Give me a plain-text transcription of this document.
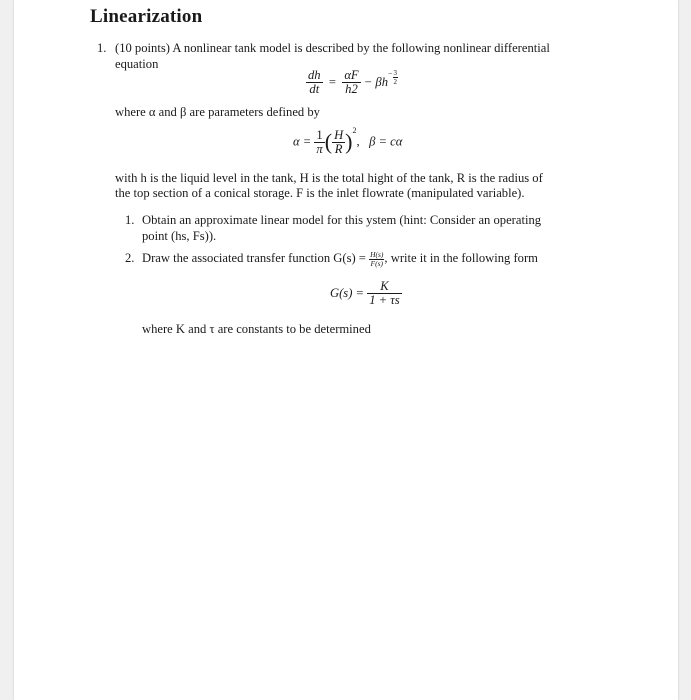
Linearization
1. (10 points) A nonlinear tank model is described by the following nonlinear differential
equation
$\frac{dh}{dt} = \frac{\alpha F}{h2} - \beta h- \frac{3}{2}$
where α and β are parameters defined by
$\alpha = \frac{1}{\pi}$ ( $\frac{H}{R} )^2$,   β = cα
with h is the liquid level in the tank, H is the total hight of the tank, R is the radius of
the top section of a conical storage. F is the inlet flowrate (manipulated variable).
1. Obtain an approximate linear model for this ystem (hint: Consider an operating
point (hs, Fs)).
2. Draw the associated transfer function $G(s) = \frac{H(s)}{F(s)}$ , write it in the following form
$G(s) = \frac{K}{1 + \tau s}$
where K and τ are constants to be determined
